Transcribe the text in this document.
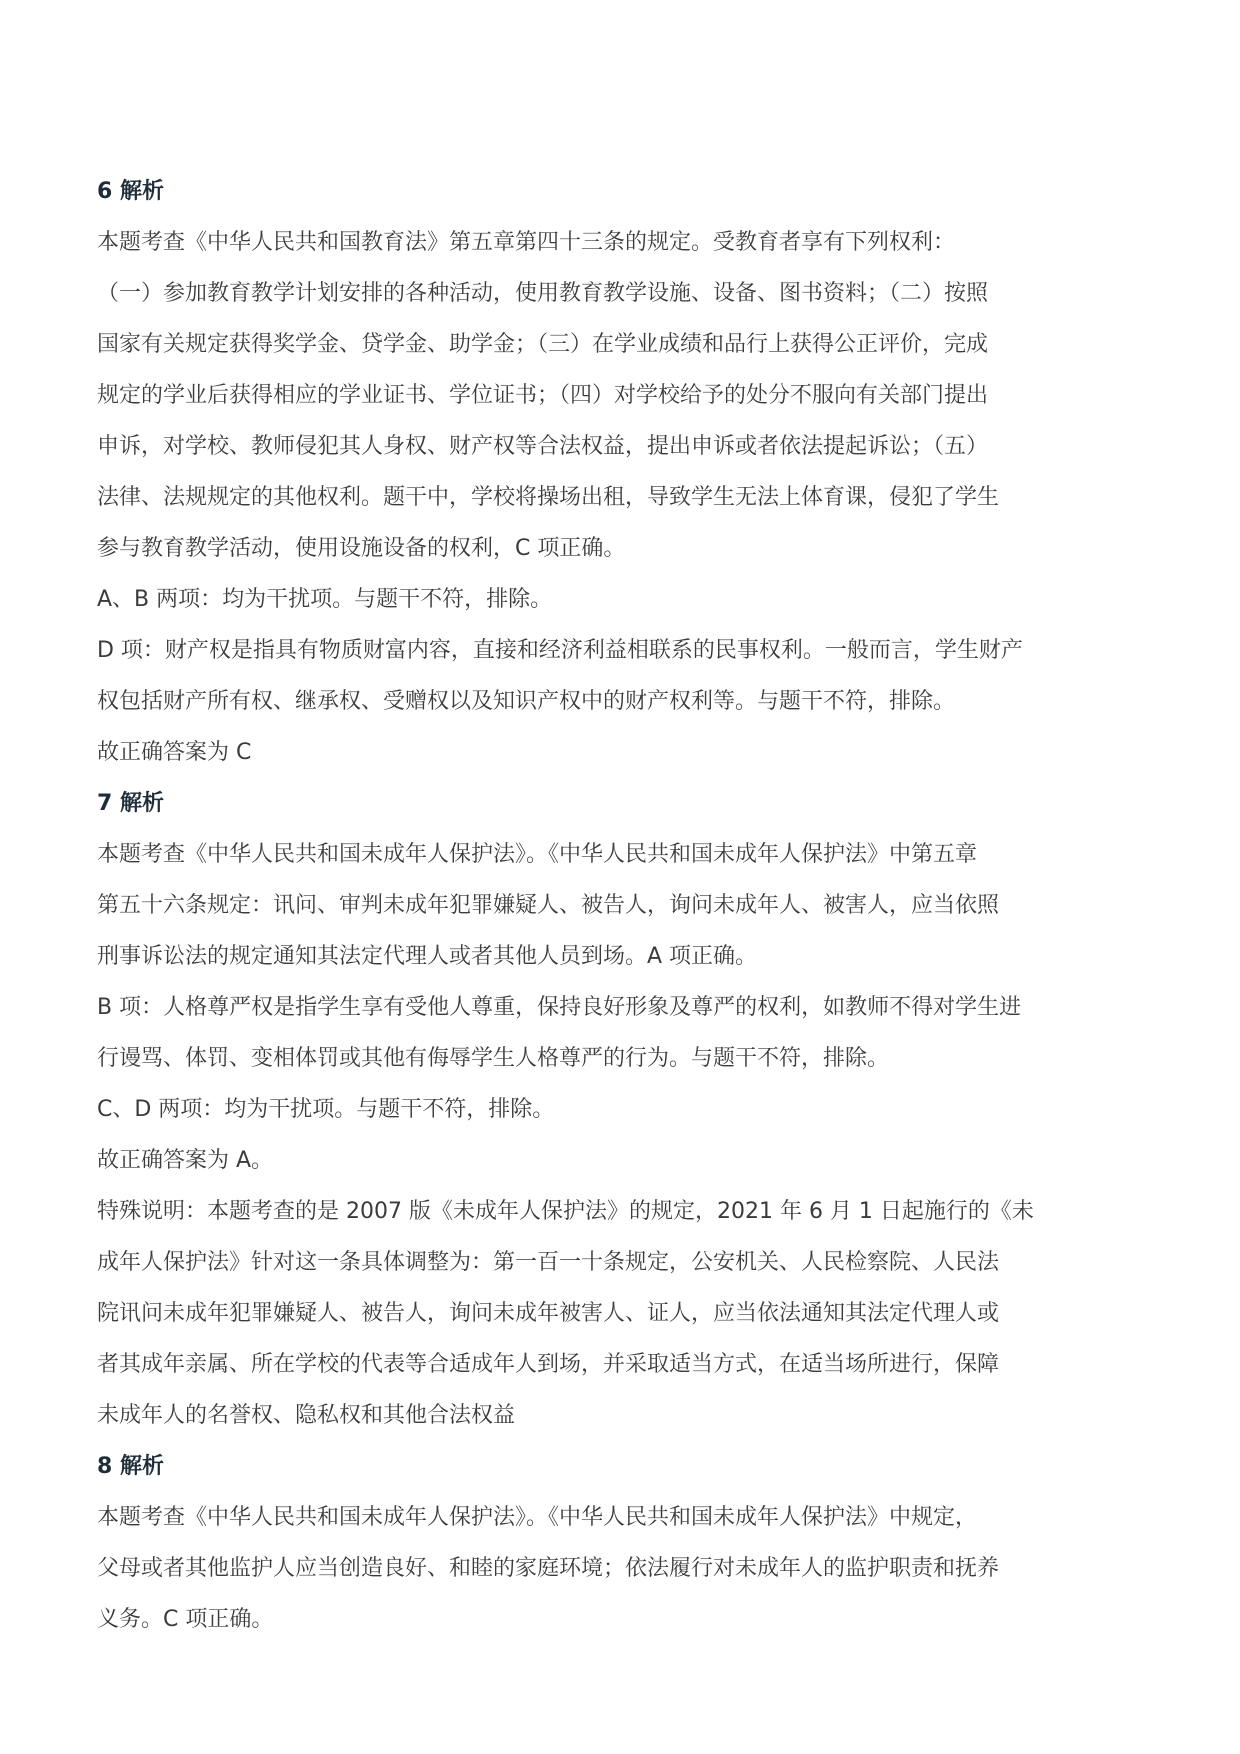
6 解析

本题考查《中华人民共和国教育法》第五章第四十三条的规定。受教育者享有下列权利：

（一）参加教育教学计划安排的各种活动，使用教育教学设施、设备、图书资料；（二）按照
国家有关规定获得奖学金、贷学金、助学金；（三）在学业成绩和品行上获得公正评价，完成
规定的学业后获得相应的学业证书、学位证书；（四）对学校给予的处分不服向有关部门提出
申诉，对学校、教师侵犯其人身权、财产权等合法权益，提出申诉或者依法提起诉讼；（五）
法律、法规规定的其他权利。题干中，学校将操场出租，导致学生无法上体育课，侵犯了学生
参与教育教学活动，使用设施设备的权利，C 项正确。

A、B 两项：均为干扰项。与题干不符，排除。

D 项：财产权是指具有物质财富内容，直接和经济利益相联系的民事权利。一般而言，学生财产
权包括财产所有权、继承权、受赠权以及知识产权中的财产权利等。与题干不符，排除。

故正确答案为 C

7 解析

本题考查《中华人民共和国未成年人保护法》。《中华人民共和国未成年人保护法》中第五章
第五十六条规定：讯问、审判未成年犯罪嫌疑人、被告人，询问未成年人、被害人，应当依照
刑事诉讼法的规定通知其法定代理人或者其他人员到场。A 项正确。

B 项：人格尊严权是指学生享有受他人尊重，保持良好形象及尊严的权利，如教师不得对学生进
行谩骂、体罚、变相体罚或其他有侮辱学生人格尊严的行为。与题干不符，排除。

C、D 两项：均为干扰项。与题干不符，排除。

故正确答案为 A。

特殊说明：本题考查的是 2007 版《未成年人保护法》的规定，2021 年 6 月 1 日起施行的《未
成年人保护法》针对这一条具体调整为：第一百一十条规定，公安机关、人民检察院、人民法
院讯问未成年犯罪嫌疑人、被告人，询问未成年被害人、证人，应当依法通知其法定代理人或
者其成年亲属、所在学校的代表等合适成年人到场，并采取适当方式，在适当场所进行，保障
未成年人的名誉权、隐私权和其他合法权益

8 解析

本题考查《中华人民共和国未成年人保护法》。《中华人民共和国未成年人保护法》中规定，
父母或者其他监护人应当创造良好、和睦的家庭环境；依法履行对未成年人的监护职责和抚养
义务。C 项正确。
